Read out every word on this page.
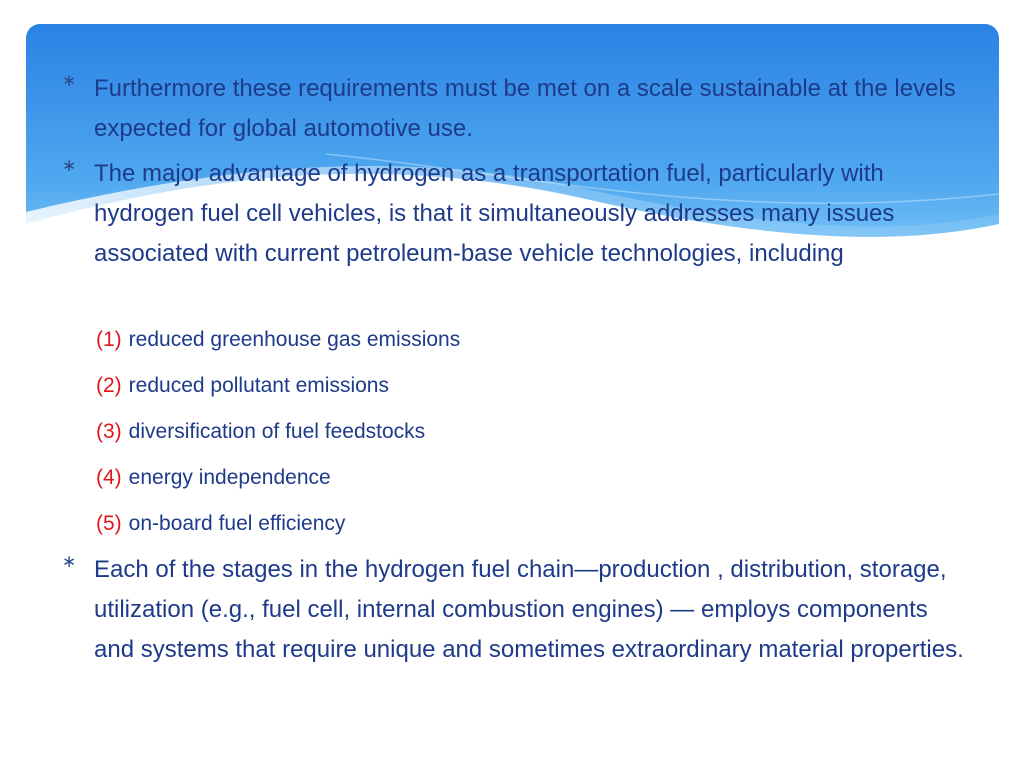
∗ Furthermore these requirements must be met on a scale sustainable at the levels expected for global automotive use.
∗ The major advantage of hydrogen as a transportation fuel, particularly with hydrogen fuel cell vehicles, is that it simultaneously addresses many issues associated with current petroleum-base vehicle technologies, including
(1) reduced greenhouse gas emissions
(2) reduced pollutant emissions
(3) diversification of fuel feedstocks
(4) energy independence
(5) on-board fuel efficiency
∗ Each of the stages in the hydrogen fuel chain—production , distribution, storage, utilization (e.g., fuel cell, internal combustion engines) — employs components and systems that require unique and sometimes extraordinary material properties.
